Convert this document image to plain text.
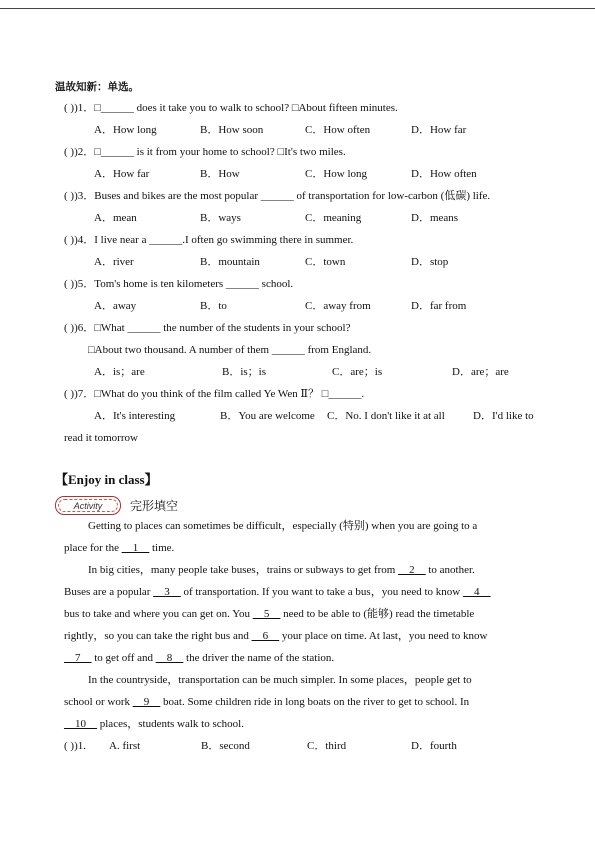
温故知新：单选。
( ))1．□______ does it take you to walk to school? □About fifteen minutes.
A．How long	B．How soon	C．How often	D．How far
( ))2．□______ is it from your home to school? □It's two miles.
A．How far	B．How	C．How long	D．How often
( ))3．Buses and bikes are the most popular ______ of transportation for low-carbon (低碳) life.
A．mean	B．ways	C．meaning	D．means
( ))4．I live near a ______.I often go swimming there in summer.
A．river	B．mountain	C．town	D．stop
( ))5．Tom's home is ten kilometers ______ school.
A．away	B．to	C．away from	D．far from
( ))6．□What ______ the number of the students in your school?
□About two thousand. A number of them ______ from England.
A．is；are	B．is；is	C．are；is	D．are；are
( ))7．□What do you think of the film called Ye Wen Ⅱ？ □______.
A．It's interesting	B．You are welcome C．No. I don't like it at all	D．I'd like to
read it tomorrow
【Enjoy in class】
Activity 完形填空
Getting to places can sometimes be difficult，especially (特别) when you are going to a
place for the __1__ time.
In big cities，many people take buses，trains or subways to get from __2__ to another.
Buses are a popular __3__ of transportation. If you want to take a bus，you need to know __4__
bus to take and where you can get on. You __5__ need to be able to (能够) read the timetable
rightly，so you can take the right bus and __6__ your place on time. At last，you need to know
__7__ to get off and __8__ the driver the name of the station.
In the countryside，transportation can be much simpler. In some places，people get to
school or work __9__ boat. Some children ride in long boats on the river to get to school. In
__10__ places，students walk to school.
( ))1. A. first	B．second	C．third	D．fourth
